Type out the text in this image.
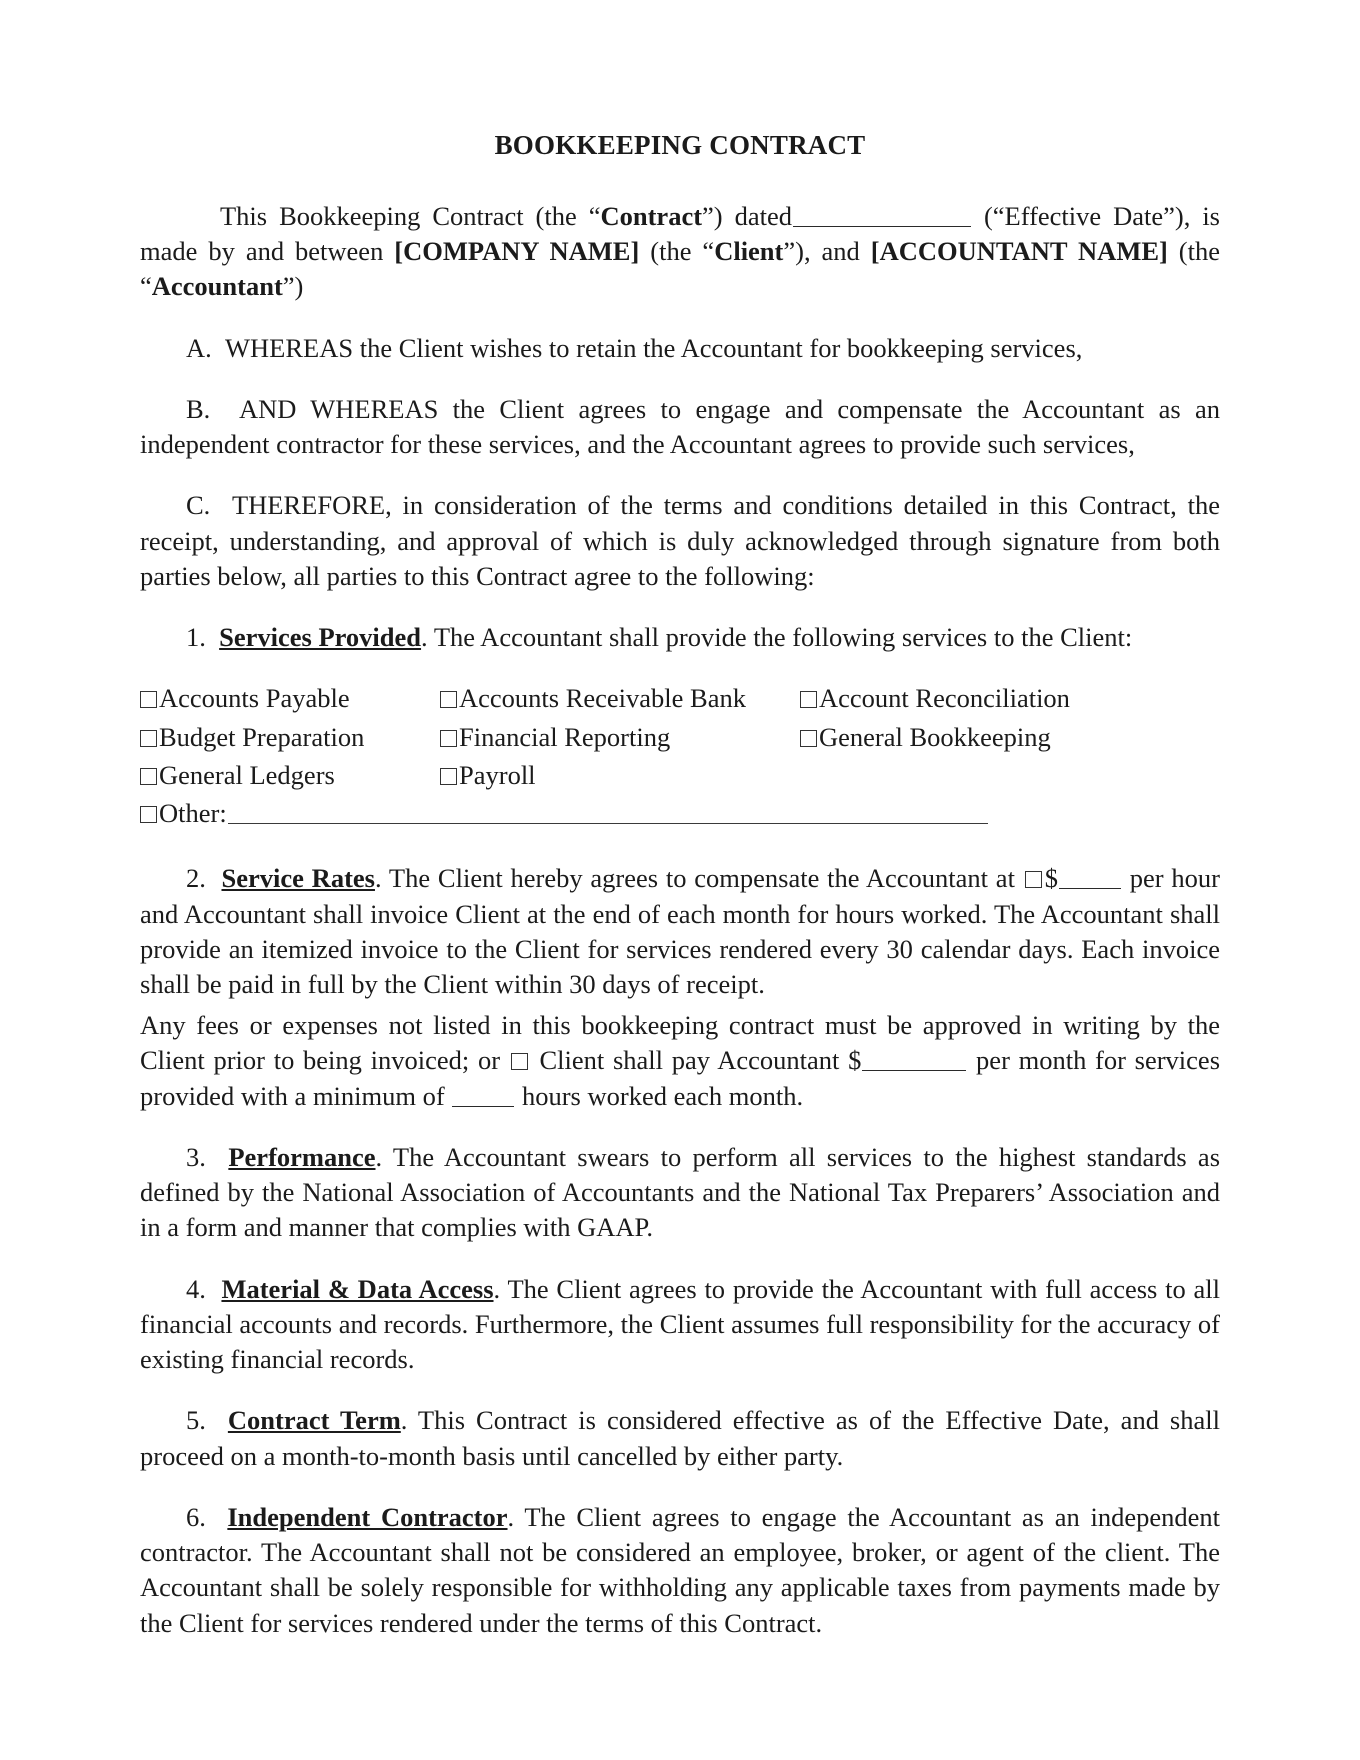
BOOKKEEPING CONTRACT

This Bookkeeping Contract (the “Contract”) dated	(“Effective Date”), is made by and between [COMPANY NAME] (the “Client”), and [ACCOUNTANT NAME] (the “Accountant”)

A. WHEREAS the Client wishes to retain the Accountant for bookkeeping services,

B. AND WHEREAS the Client agrees to engage and compensate the Accountant as an independent contractor for these services, and the Accountant agrees to provide such services,

C. THEREFORE, in consideration of the terms and conditions detailed in this Contract, the receipt, understanding, and approval of which is duly acknowledged through signature from both parties below, all parties to this Contract agree to the following:

1. Services Provided. The Accountant shall provide the following services to the Client:

Accounts Payable	Accounts Receivable Bank	Account Reconciliation
Budget Preparation	Financial Reporting	General Bookkeeping
General Ledgers	Payroll
Other:

2. Service Rates. The Client hereby agrees to compensate the Accountant at $ per hour and Accountant shall invoice Client at the end of each month for hours worked. The Accountant shall provide an itemized invoice to the Client for services rendered every 30 calendar days. Each invoice shall be paid in full by the Client within 30 days of receipt.

Any fees or expenses not listed in this bookkeeping contract must be approved in writing by the Client prior to being invoiced; or  Client shall pay Accountant $	per month for services provided with a minimum of  hours worked each month.

3. Performance. The Accountant swears to perform all services to the highest standards as defined by the National Association of Accountants and the National Tax Preparers’ Association and in a form and manner that complies with GAAP.

4. Material & Data Access. The Client agrees to provide the Accountant with full access to all financial accounts and records. Furthermore, the Client assumes full responsibility for the accuracy of existing financial records.

5. Contract Term. This Contract is considered effective as of the Effective Date, and shall proceed on a month-to-month basis until cancelled by either party.

6. Independent Contractor. The Client agrees to engage the Accountant as an independent contractor. The Accountant shall not be considered an employee, broker, or agent of the client. The Accountant shall be solely responsible for withholding any applicable taxes from payments made by the Client for services rendered under the terms of this Contract.
